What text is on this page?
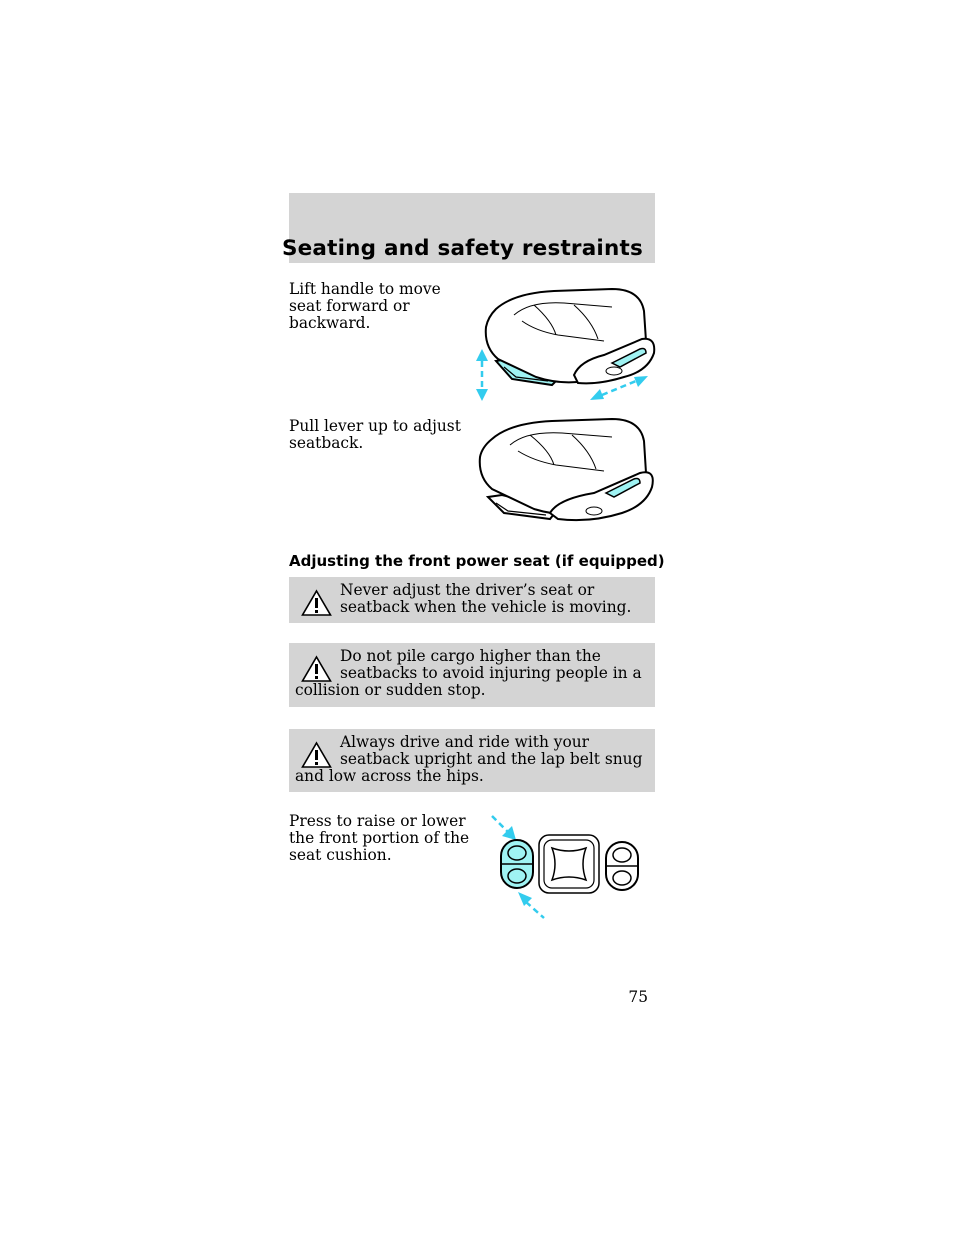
Seating and safety restraints
Lift handle to move
seat forward or
backward.
Pull lever up to adjust
seatback.
Adjusting the front power seat (if equipped)
Never adjust the driver’s seat or seatback when the vehicle is moving.
Do not pile cargo higher than the seatbacks to avoid injuring people in a collision or sudden stop.
Always drive and ride with your seatback upright and the lap belt snug and low across the hips.
Press to raise or lower
the front portion of the
seat cushion.
75
